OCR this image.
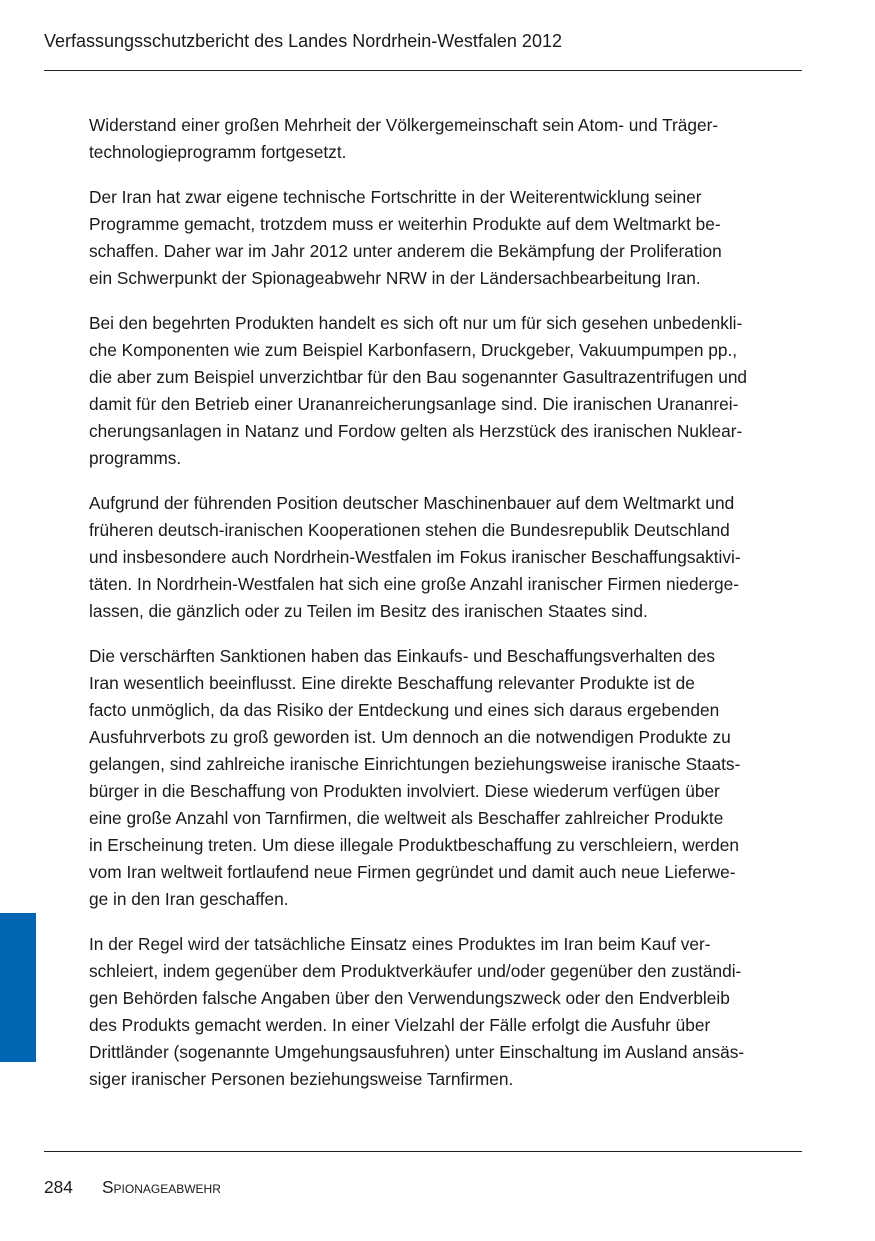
Verfassungsschutzbericht des Landes Nordrhein-Westfalen 2012

Widerstand einer großen Mehrheit der Völkergemeinschaft sein Atom- und Träger-
technologieprogramm fortgesetzt.

Der Iran hat zwar eigene technische Fortschritte in der Weiterentwicklung seiner
Programme gemacht, trotzdem muss er weiterhin Produkte auf dem Weltmarkt be-
schaffen. Daher war im Jahr 2012 unter anderem die Bekämpfung der Proliferation
ein Schwerpunkt der Spionageabwehr NRW in der Ländersachbearbeitung Iran.

Bei den begehrten Produkten handelt es sich oft nur um für sich gesehen unbedenkli-
che Komponenten wie zum Beispiel Karbonfasern, Druckgeber, Vakuumpumpen pp.,
die aber zum Beispiel unverzichtbar für den Bau sogenannter Gasultrazentrifugen und
damit für den Betrieb einer Urananreicherungsanlage sind. Die iranischen Urananrei-
cherungsanlagen in Natanz und Fordow gelten als Herzstück des iranischen Nuklear-
programms.

Aufgrund der führenden Position deutscher Maschinenbauer auf dem Weltmarkt und
früheren deutsch-iranischen Kooperationen stehen die Bundesrepublik Deutschland
und insbesondere auch Nordrhein-Westfalen im Fokus iranischer Beschaffungsaktivi-
täten. In Nordrhein-Westfalen hat sich eine große Anzahl iranischer Firmen niederge-
lassen, die gänzlich oder zu Teilen im Besitz des iranischen Staates sind.

Die verschärften Sanktionen haben das Einkaufs- und Beschaffungsverhalten des
Iran wesentlich beeinflusst. Eine direkte Beschaffung relevanter Produkte ist de
facto unmöglich, da das Risiko der Entdeckung und eines sich daraus ergebenden
Ausfuhrverbots zu groß geworden ist. Um dennoch an die notwendigen Produkte zu
gelangen, sind zahlreiche iranische Einrichtungen beziehungsweise iranische Staats-
bürger in die Beschaffung von Produkten involviert. Diese wiederum verfügen über
eine große Anzahl von Tarnfirmen, die weltweit als Beschaffer zahlreicher Produkte
in Erscheinung treten. Um diese illegale Produktbeschaffung zu verschleiern, werden
vom Iran weltweit fortlaufend neue Firmen gegründet und damit auch neue Lieferwe-
ge in den Iran geschaffen.

In der Regel wird der tatsächliche Einsatz eines Produktes im Iran beim Kauf ver-
schleiert, indem gegenüber dem Produktverkäufer und/oder gegenüber den zuständi-
gen Behörden falsche Angaben über den Verwendungszweck oder den Endverbleib
des Produkts gemacht werden. In einer Vielzahl der Fälle erfolgt die Ausfuhr über
Drittländer (sogenannte Umgehungsausfuhren) unter Einschaltung im Ausland ansäs-
siger iranischer Personen beziehungsweise Tarnfirmen.

284 Spionageabwehr
